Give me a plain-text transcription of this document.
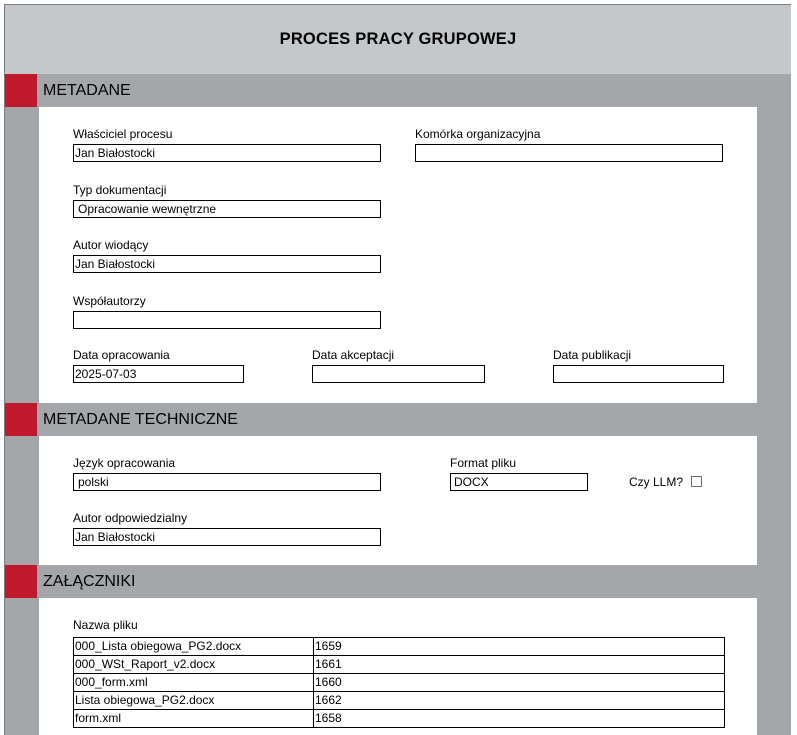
PROCES PRACY GRUPOWEJ
METADANE
Właściciel procesu
Jan Białostocki
Komórka organizacyjna
Typ dokumentacji
Opracowanie wewnętrzne
Autor wiodący
Jan Białostocki
Współautorzy
Data opracowania
2025-07-03
Data akceptacji	Data publikacji
METADANE TECHNICZNE
Język opracowania
polski
Format pliku
DOCX	Czy LLM?
Autor odpowiedzialny
Jan Białostocki
ZAŁĄCZNIKI
Nazwa pliku
000_Lista obiegowa_PG2.docx	1659
000_WSt_Raport_v2.docx	1661
000_form.xml	1660
Lista obiegowa_PG2.docx	1662
form.xml	1658
